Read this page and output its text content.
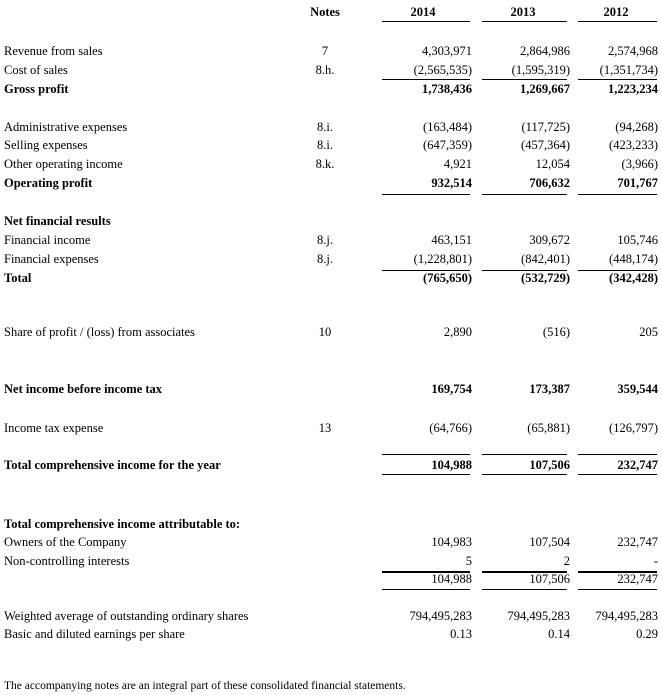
Notes	2014	2013	2012
Revenue from sales	7	4,303,971	2,864,986	2,574,968
Cost of sales	8.h.	(2,565,535)	(1,595,319)	(1,351,734)
Gross profit	1,738,436	1,269,667	1,223,234
Administrative expenses	8.i.	(163,484)	(117,725)	(94,268)
Selling expenses	8.i.	(647,359)	(457,364)	(423,233)
Other operating income	8.k.	4,921	12,054	(3,966)
Operating profit	932,514	706,632	701,767
Net financial results
Financial income	8.j.	463,151	309,672	105,746
Financial expenses	8.j.	(1,228,801)	(842,401)	(448,174)
Total	(765,650)	(532,729)	(342,428)
Share of profit / (loss) from associates	10	2,890	(516)	205
Net income before income tax	169,754	173,387	359,544
Income tax expense	13	(64,766)	(65,881)	(126,797)
Total comprehensive income for the year	104,988	107,506	232,747
Total comprehensive income attributable to:
Owners of the Company	104,983	107,504	232,747
Non-controlling interests	5	2	-
104,988	107,506	232,747
Weighted average of outstanding ordinary shares	794,495,283	794,495,283	794,495,283
Basic and diluted earnings per share	0.13	0.14	0.29
The accompanying notes are an integral part of these consolidated financial statements.
